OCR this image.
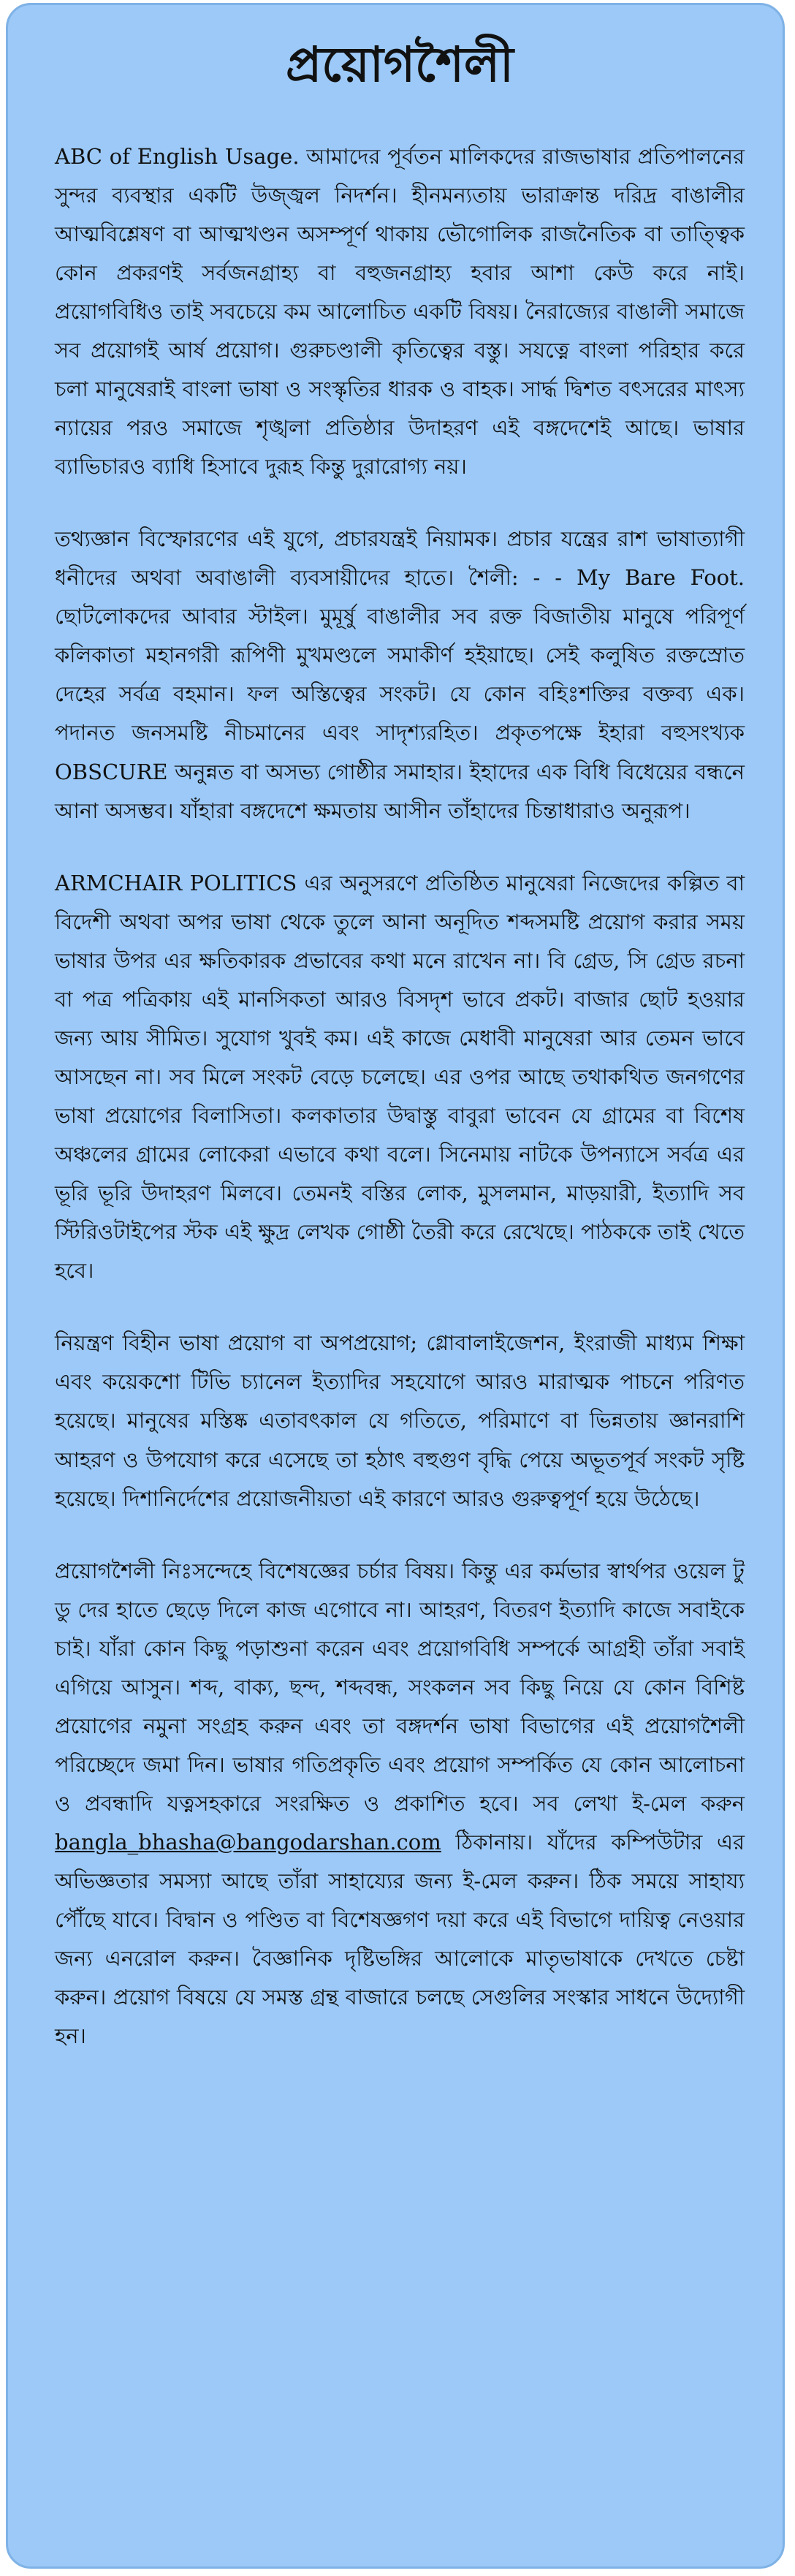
প্রয়োগশৈলী

ABC of English Usage. আমাদের পূর্বতন মালিকদের রাজভাষার প্রতিপালনের সুন্দর ব্যবস্থার একটি উজ্জ্বল নিদর্শন। হীনমন্যতায় ভারাক্রান্ত দরিদ্র বাঙালীর আত্মবিশ্লেষণ বা আত্মখণ্ডন অসম্পূর্ণ থাকায় ভৌগোলিক রাজনৈতিক বা তাত্ত্বিক কোন প্রকরণই সর্বজনগ্রাহ্য বা বহুজনগ্রাহ্য হবার আশা কেউ করে নাই। প্রয়োগবিধিও তাই সবচেয়ে কম আলোচিত একটি বিষয়। নৈরাজ্যের বাঙালী সমাজে সব প্রয়োগই আর্ষ প্রয়োগ। গুরুচণ্ডালী কৃতিত্বের বস্তু। সযত্নে বাংলা পরিহার করে চলা মানুষেরাই বাংলা ভাষা ও সংস্কৃতির ধারক ও বাহক। সার্দ্ধ দ্বিশত বৎসরের মাৎস্য ন্যায়ের পরও সমাজে শৃঙ্খলা প্রতিষ্ঠার উদাহরণ এই বঙ্গদেশেই আছে। ভাষার ব্যাভিচারও ব্যাধি হিসাবে দুরূহ কিন্তু দুরারোগ্য নয়।

তথ্যজ্ঞান বিস্ফোরণের এই যুগে, প্রচারযন্ত্রই নিয়ামক। প্রচার যন্ত্রের রাশ ভাষাত্যাগী ধনীদের অথবা অবাঙালী ব্যবসায়ীদের হাতে। শৈলী: - - My Bare Foot. ছোটলোকদের আবার স্টাইল। মুমূর্ষু বাঙালীর সব রক্ত বিজাতীয় মানুষে পরিপূর্ণ কলিকাতা মহানগরী রূপিণী মুখমণ্ডলে সমাকীর্ণ হইয়াছে। সেই কলুষিত রক্তস্রোত দেহের সর্বত্র বহমান। ফল অস্তিত্বের সংকট। যে কোন বহিঃশক্তির বক্তব্য এক। পদানত জনসমষ্টি নীচমানের এবং সাদৃশ্যরহিত। প্রকৃতপক্ষে ইহারা বহুসংখ্যক OBSCURE অনুন্নত বা অসভ্য গোষ্ঠীর সমাহার। ইহাদের এক বিধি বিধেয়ের বন্ধনে আনা অসম্ভব। যাঁহারা বঙ্গদেশে ক্ষমতায় আসীন তাঁহাদের চিন্তাধারাও অনুরূপ।

ARMCHAIR POLITICS এর অনুসরণে প্রতিষ্ঠিত মানুষেরা নিজেদের কল্পিত বা বিদেশী অথবা অপর ভাষা থেকে তুলে আনা অনূদিত শব্দসমষ্টি প্রয়োগ করার সময় ভাষার উপর এর ক্ষতিকারক প্রভাবের কথা মনে রাখেন না। বি গ্রেড, সি গ্রেড রচনা বা পত্র পত্রিকায় এই মানসিকতা আরও বিসদৃশ ভাবে প্রকট। বাজার ছোট হওয়ার জন্য আয় সীমিত। সুযোগ খুবই কম। এই কাজে মেধাবী মানুষেরা আর তেমন ভাবে আসছেন না। সব মিলে সংকট বেড়ে চলেছে। এর ওপর আছে তথাকথিত জনগণের ভাষা প্রয়োগের বিলাসিতা। কলকাতার উদ্বাস্তু বাবুরা ভাবেন যে গ্রামের বা বিশেষ অঞ্চলের গ্রামের লোকেরা এভাবে কথা বলে। সিনেমায় নাটকে উপন্যাসে সর্বত্র এর ভূরি ভূরি উদাহরণ মিলবে। তেমনই বস্তির লোক, মুসলমান, মাড়য়ারী, ইত্যাদি সব স্টিরিওটাইপের স্টক এই ক্ষুদ্র লেখক গোষ্ঠী তৈরী করে রেখেছে। পাঠককে তাই খেতে হবে।

নিয়ন্ত্রণ বিহীন ভাষা প্রয়োগ বা অপপ্রয়োগ; গ্লোবালাইজেশন, ইংরাজী মাধ্যম শিক্ষা এবং কয়েকশো টিভি চ্যানেল ইত্যাদির সহযোগে আরও মারাত্মক পাচনে পরিণত হয়েছে। মানুষের মস্তিষ্ক এতাবৎকাল যে গতিতে, পরিমাণে বা ভিন্নতায় জ্ঞানরাশি আহরণ ও উপযোগ করে এসেছে তা হঠাৎ বহুগুণ বৃদ্ধি পেয়ে অভূতপূর্ব সংকট সৃষ্টি হয়েছে। দিশানির্দেশের প্রয়োজনীয়তা এই কারণে আরও গুরুত্বপূর্ণ হয়ে উঠেছে।

প্রয়োগশৈলী নিঃসন্দেহে বিশেষজ্ঞের চর্চার বিষয়। কিন্তু এর কর্মভার স্বার্থপর ওয়েল টু ডু দের হাতে ছেড়ে দিলে কাজ এগোবে না। আহরণ, বিতরণ ইত্যাদি কাজে সবাইকে চাই। যাঁরা কোন কিছু পড়াশুনা করেন এবং প্রয়োগবিধি সম্পর্কে আগ্রহী তাঁরা সবাই এগিয়ে আসুন। শব্দ, বাক্য, ছন্দ, শব্দবন্ধ, সংকলন সব কিছু নিয়ে যে কোন বিশিষ্ট প্রয়োগের নমুনা সংগ্রহ করুন এবং তা বঙ্গদর্শন ভাষা বিভাগের এই প্রয়োগশৈলী পরিচ্ছেদে জমা দিন। ভাষার গতিপ্রকৃতি এবং প্রয়োগ সম্পর্কিত যে কোন আলোচনা ও প্রবন্ধাদি যত্নসহকারে সংরক্ষিত ও প্রকাশিত হবে। সব লেখা ই-মেল করুন bangla_bhasha@bangodarshan.com ঠিকানায়। যাঁদের কম্পিউটার এর অভিজ্ঞতার সমস্যা আছে তাঁরা সাহায্যের জন্য ই-মেল করুন। ঠিক সময়ে সাহায্য পৌঁছে যাবে। বিদ্বান ও পণ্ডিত বা বিশেষজ্ঞগণ দয়া করে এই বিভাগে দায়িত্ব নেওয়ার জন্য এনরোল করুন। বৈজ্ঞানিক দৃষ্টিভঙ্গির আলোকে মাতৃভাষাকে দেখতে চেষ্টা করুন। প্রয়োগ বিষয়ে যে সমস্ত গ্রন্থ বাজারে চলছে সেগুলির সংস্কার সাধনে উদ্যোগী হন।
